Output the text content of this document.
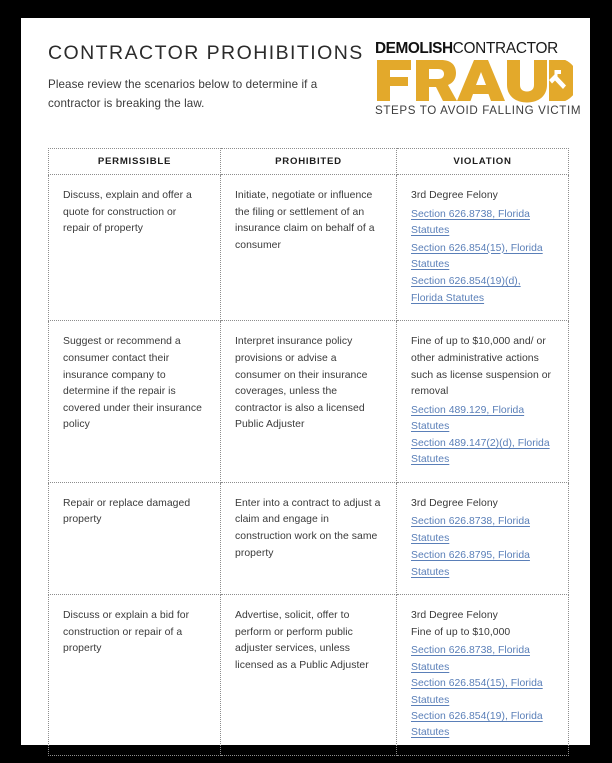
CONTRACTOR PROHIBITIONS
Please review the scenarios below to determine if a contractor is breaking the law.
DEMOLISH CONTRACTOR
STEPS TO AVOID FALLING VICTIM
PERMISSIBLE	PROHIBITED	VIOLATION

Discuss, explain and offer a quote for construction or repair of property	Initiate, negotiate or influence the filing or settlement of an insurance claim on behalf of a consumer	3rd Degree Felony
Section 626.8738, Florida Statutes
Section 626.854(15), Florida Statutes
Section 626.854(19)(d), Florida Statutes

Suggest or recommend a consumer contact their insurance company to determine if the repair is covered under their insurance policy	Interpret insurance policy provisions or advise a consumer on their insurance coverages, unless the contractor is also a licensed Public Adjuster	Fine of up to $10,000 and/ or other administrative actions such as license suspension or removal
Section 489.129, Florida Statutes
Section 489.147(2)(d), Florida Statutes

Repair or replace damaged property	Enter into a contract to adjust a claim and engage in construction work on the same property	3rd Degree Felony
Section 626.8738, Florida Statutes
Section 626.8795, Florida Statutes

Discuss or explain a bid for construction or repair of a property	Advertise, solicit, offer to perform or perform public adjuster services, unless licensed as a Public Adjuster	3rd Degree Felony
Fine of up to $10,000
Section 626.8738, Florida Statutes
Section 626.854(15), Florida Statutes
Section 626.854(19), Florida Statutes
